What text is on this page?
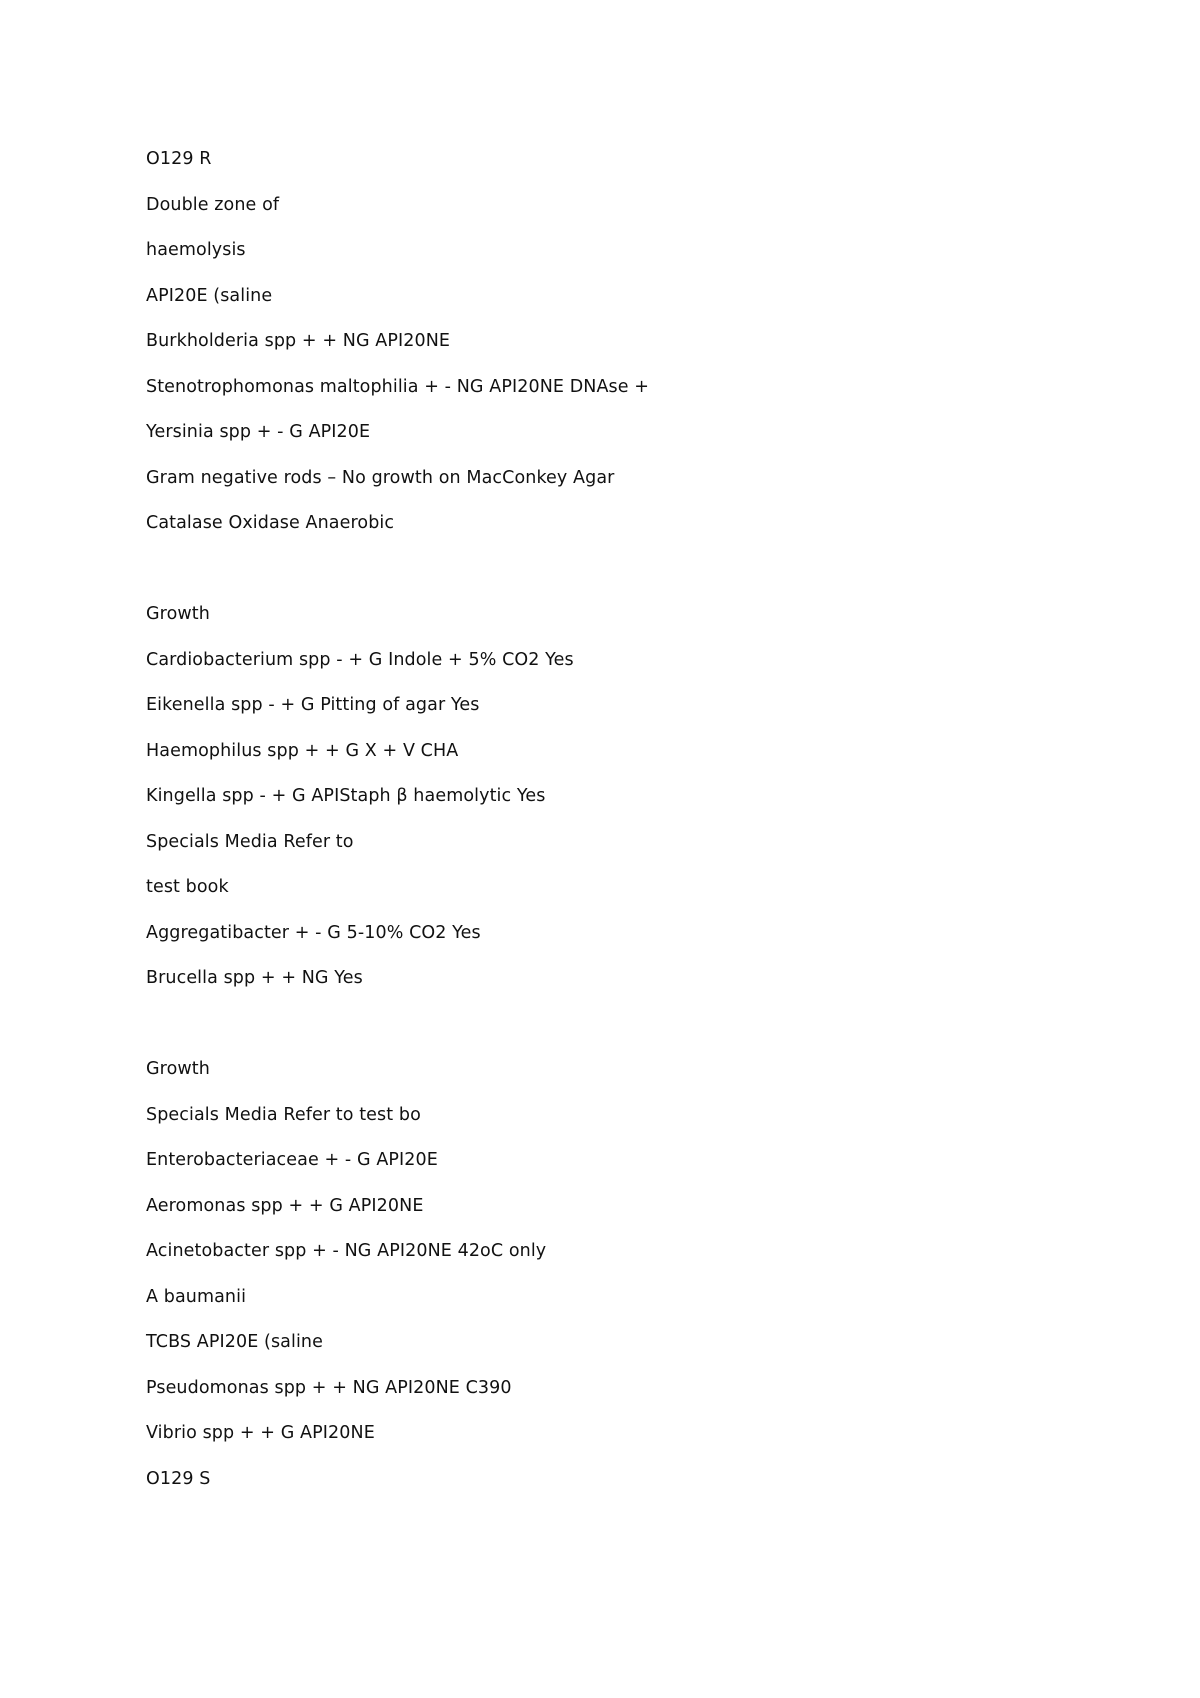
O129 R
Double zone of
haemolysis
API20E (saline
Burkholderia spp + + NG API20NE
Stenotrophomonas maltophilia + - NG API20NE DNAse +
Yersinia spp + - G API20E
Gram negative rods – No growth on MacConkey Agar
Catalase Oxidase Anaerobic
Growth
Cardiobacterium spp - + G Indole + 5% CO2 Yes
Eikenella spp - + G Pitting of agar Yes
Haemophilus spp + + G X + V CHA
Kingella spp - + G APIStaph β haemolytic Yes
Specials Media Refer to
test book
Aggregatibacter + - G 5-10% CO2 Yes
Brucella spp + + NG Yes
Growth
Specials Media Refer to test bo
Enterobacteriaceae + - G API20E
Aeromonas spp + + G API20NE
Acinetobacter spp + - NG API20NE 42oC only
A baumanii
TCBS API20E (saline
Pseudomonas spp + + NG API20NE C390
Vibrio spp + + G API20NE
O129 S
